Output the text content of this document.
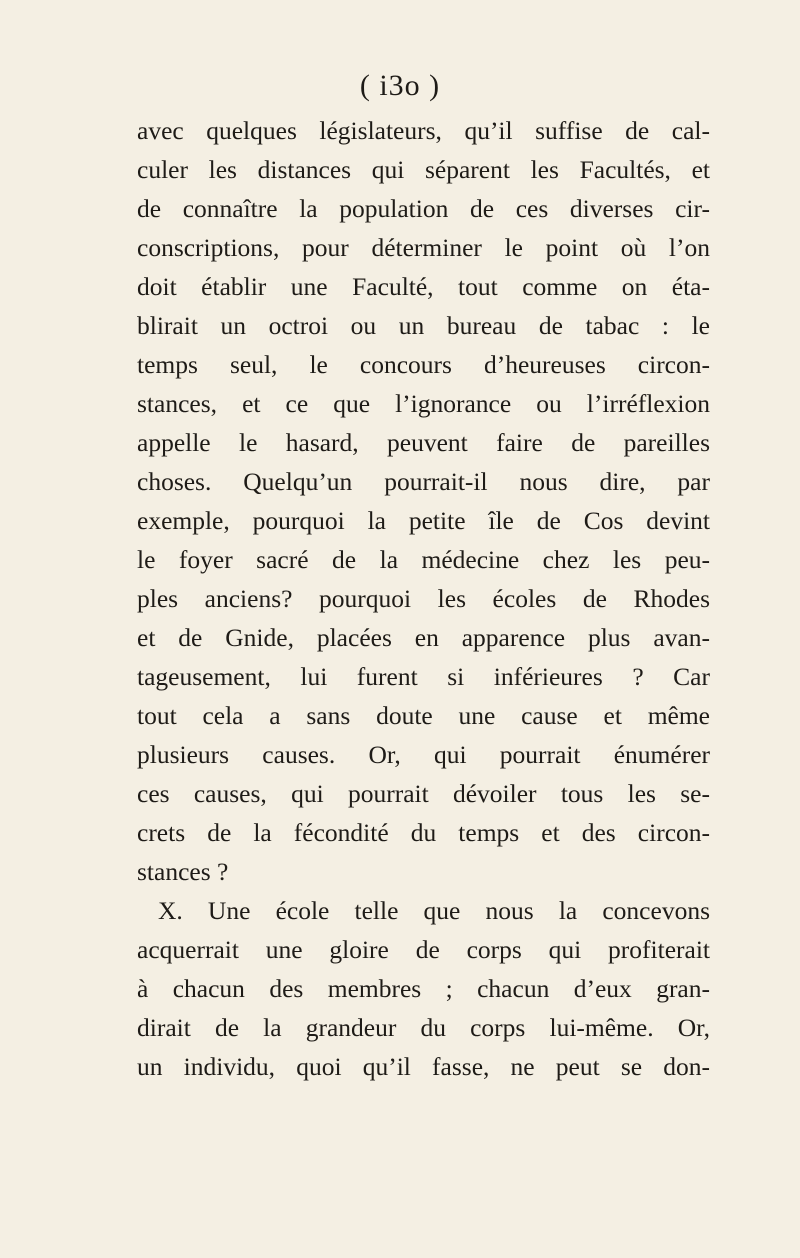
( i3o )
avec quelques législateurs, qu’il suffise de cal-
culer les distances qui séparent les Facultés, et
de connaître la population de ces diverses cir-
conscriptions, pour déterminer le point où l’on
doit établir une Faculté, tout comme on éta-
blirait un octroi ou un bureau de tabac : le
temps seul, le concours d’heureuses circon-
stances, et ce que l’ignorance ou l’irréflexion
appelle le hasard, peuvent faire de pareilles
choses. Quelqu’un pourrait-il nous dire, par
exemple, pourquoi la petite île de Cos devint
le foyer sacré de la médecine chez les peu-
ples anciens? pourquoi les écoles de Rhodes
et de Gnide, placées en apparence plus avan-
tageusement, lui furent si inférieures ? Car
tout cela a sans doute une cause et même
plusieurs causes. Or, qui pourrait énumérer
ces causes, qui pourrait dévoiler tous les se-
crets de la fécondité du temps et des circon-
stances ?
X. Une école telle que nous la concevons
acquerrait une gloire de corps qui profiterait
à chacun des membres ; chacun d’eux gran-
dirait de la grandeur du corps lui-même. Or,
un individu, quoi qu’il fasse, ne peut se don-
